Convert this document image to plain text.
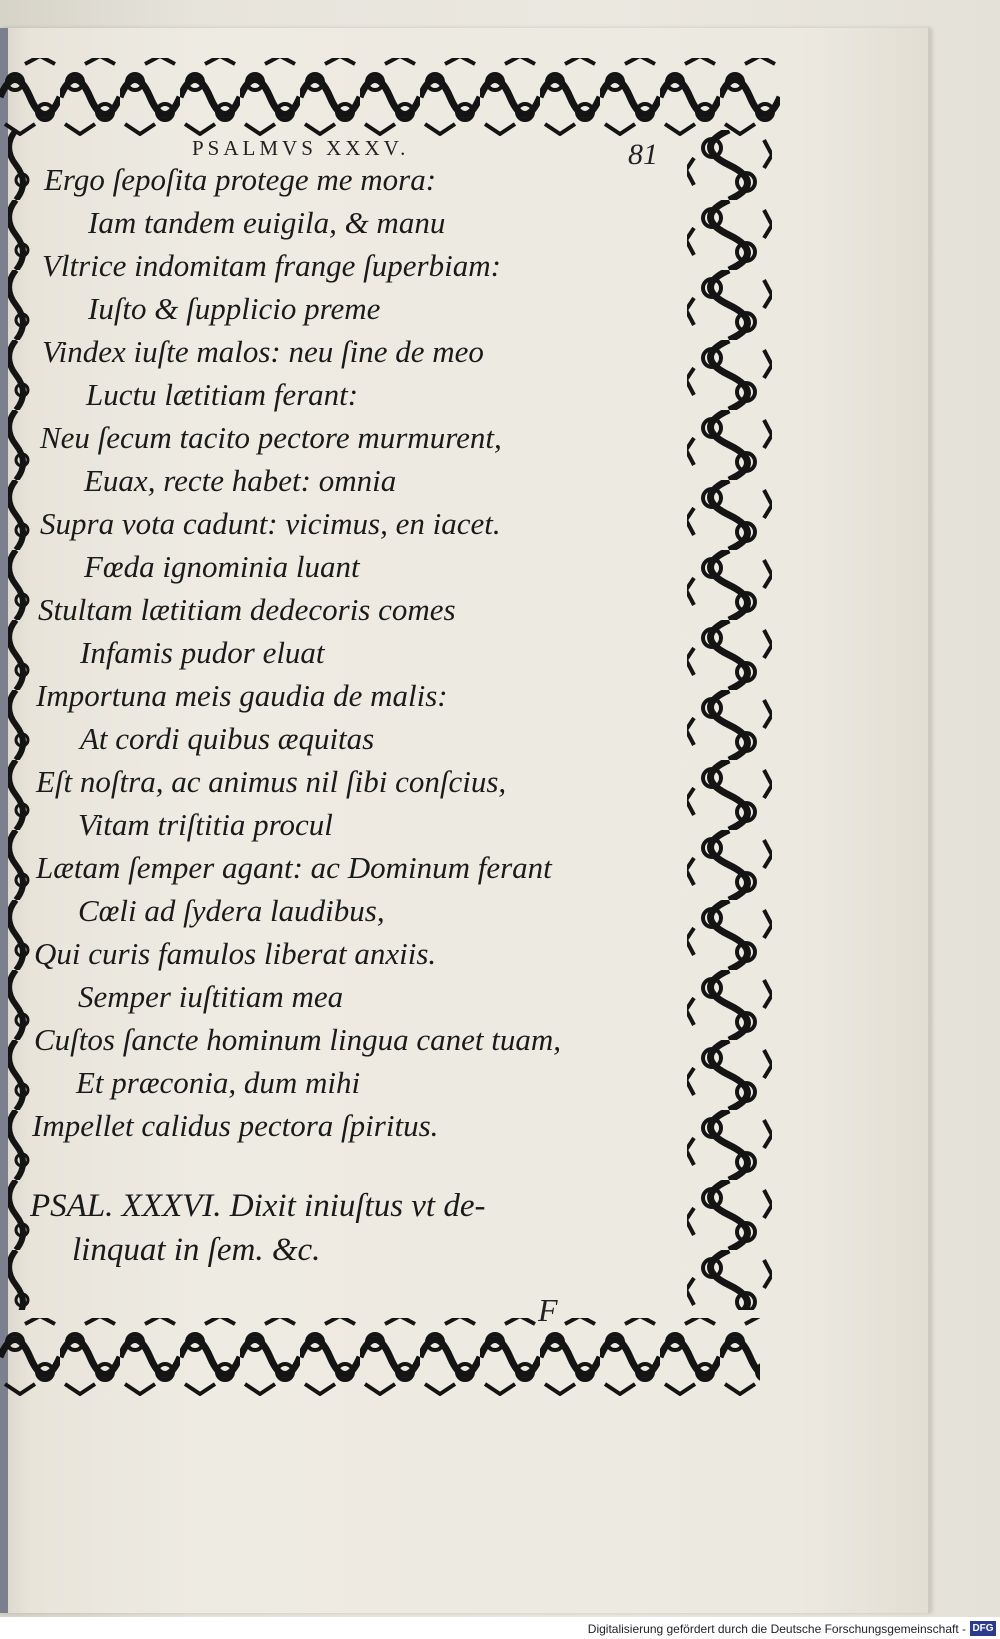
PSALMVS XXXV.	81

Ergo ſepoſita protege me mora:

Iam tandem euigila, & manu

Vltrice indomitam frange ſuperbiam:

Iuſto & ſupplicio preme

Vindex iuſte malos: neu ſine de meo

Luctu lætitiam ferant:

Neu ſecum tacito pectore murmurent,

Euax, recte habet: omnia

Supra vota cadunt: vicimus, en iacet.

Fœda ignominia luant

Stultam lætitiam dedecoris comes

Infamis pudor eluat

Importuna meis gaudia de malis:

At cordi quibus æquitas

Eſt noſtra, ac animus nil ſibi conſcius,

Vitam triſtitia procul

Lætam ſemper agant: ac Dominum ferant

Cœli ad ſydera laudibus,

Qui curis famulos liberat anxiis.

Semper iuſtitiam mea

Cuſtos ſancte hominum lingua canet tuam,

Et præconia, dum mihi

Impellet calidus pectora ſpiritus.

PSAL. XXXVI. Dixit iniuſtus vt de-

linquat in ſem. &c.

F
Digitalisierung gefördert durch die Deutsche Forschungsgemeinschaft - DFG
